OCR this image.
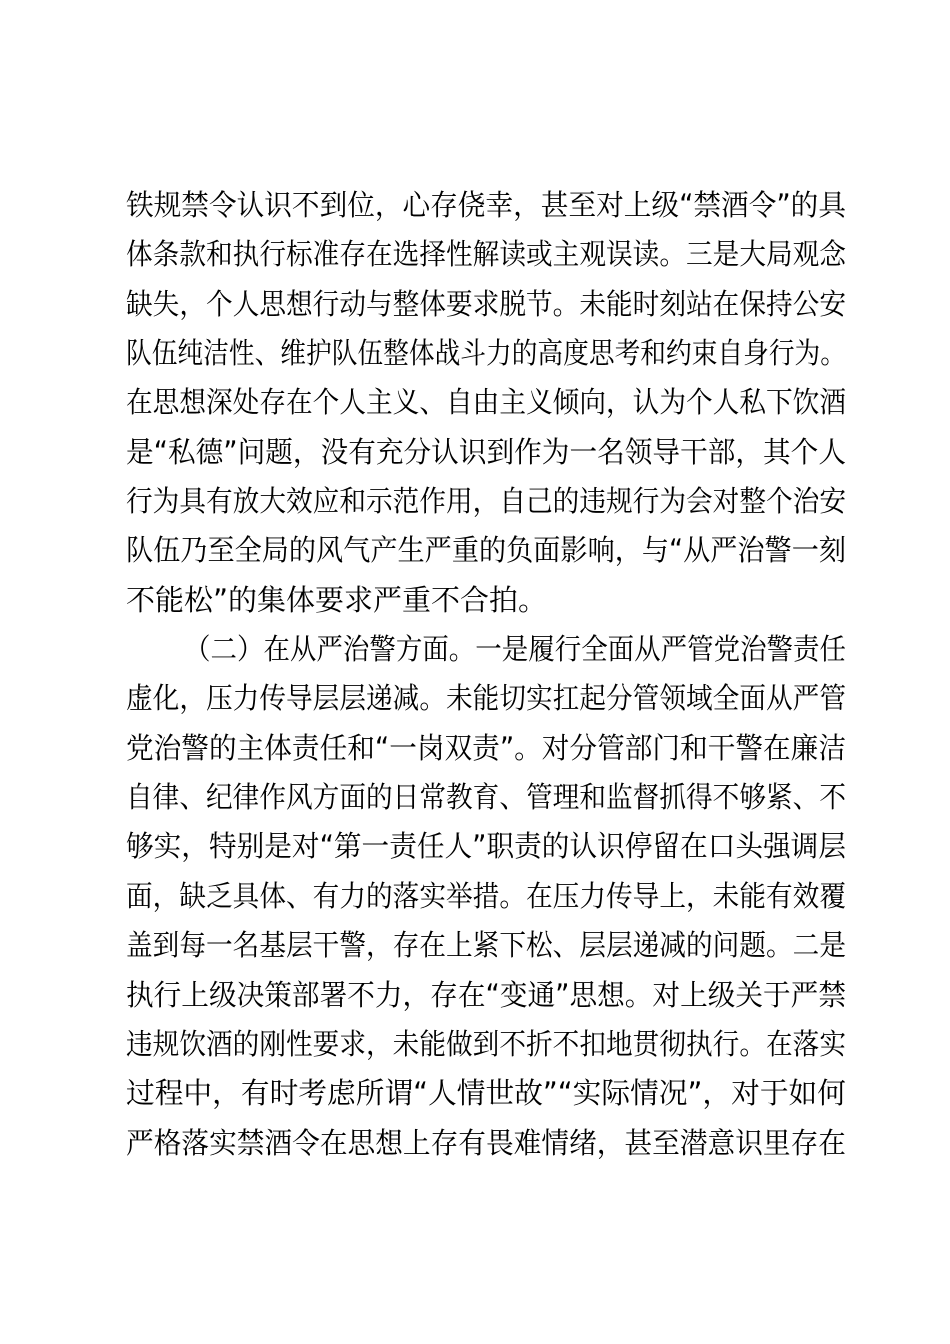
铁规禁令认识不到位，心存侥幸，甚至对上级“禁酒令”的具
体条款和执行标准存在选择性解读或主观误读。三是大局观念
缺失，个人思想行动与整体要求脱节。未能时刻站在保持公安
队伍纯洁性、维护队伍整体战斗力的高度思考和约束自身行为。
在思想深处存在个人主义、自由主义倾向，认为个人私下饮酒
是“私德”问题，没有充分认识到作为一名领导干部，其个人
行为具有放大效应和示范作用，自己的违规行为会对整个治安
队伍乃至全局的风气产生严重的负面影响，与“从严治警一刻
不能松”的集体要求严重不合拍。
（二）在从严治警方面。一是履行全面从严管党治警责任
虚化，压力传导层层递减。未能切实扛起分管领域全面从严管
党治警的主体责任和“一岗双责”。对分管部门和干警在廉洁
自律、纪律作风方面的日常教育、管理和监督抓得不够紧、不
够实，特别是对“第一责任人”职责的认识停留在口头强调层
面，缺乏具体、有力的落实举措。在压力传导上，未能有效覆
盖到每一名基层干警，存在上紧下松、层层递减的问题。二是
执行上级决策部署不力，存在“变通”思想。对上级关于严禁
违规饮酒的刚性要求，未能做到不折不扣地贯彻执行。在落实
过程中，有时考虑所谓“人情世故”“实际情况”，对于如何
严格落实禁酒令在思想上存有畏难情绪，甚至潜意识里存在
